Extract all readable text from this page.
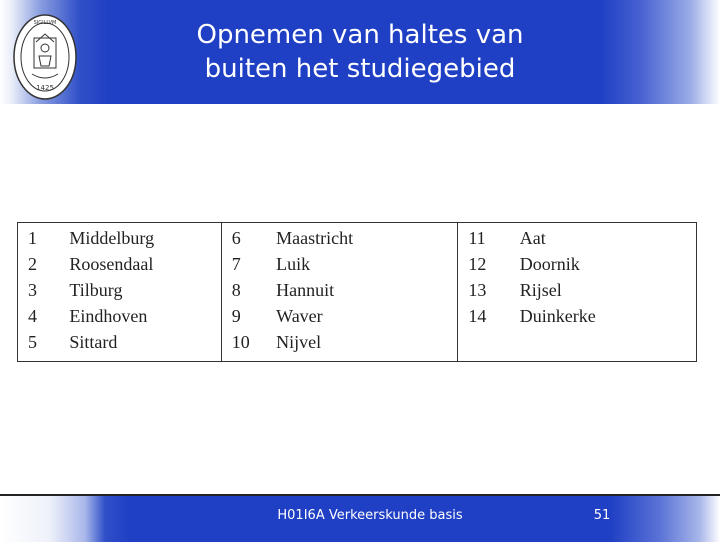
SIGILLVM
1425
Opnemen van haltes van
buiten het studiegebied
1	Middelburg	6	Maastricht	11	Aat
2	Roosendaal	7	Luik	12	Doornik
3	Tilburg	8	Hannuit	13	Rijsel
4	Eindhoven	9	Waver	14	Duinkerke
5	Sittard	10	Nijvel		
H01I6A Verkeerskunde basis	51
